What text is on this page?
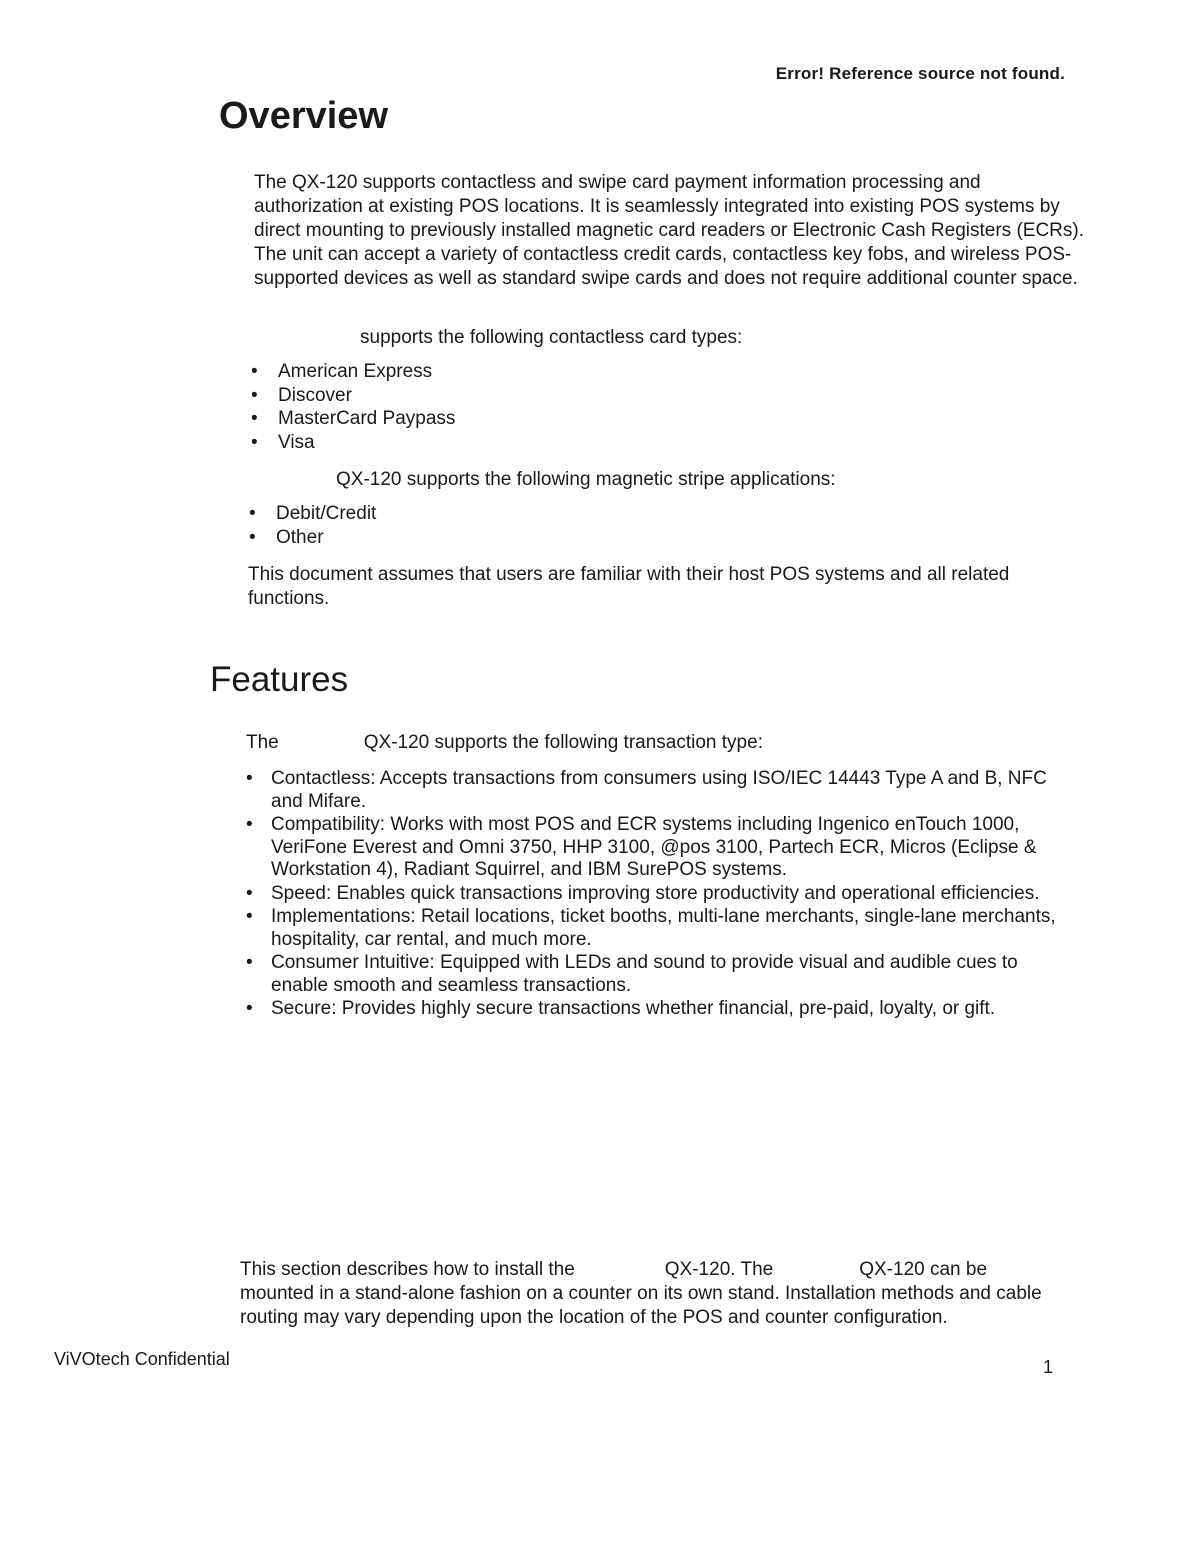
Error! Reference source not found.
Overview

The QX-120 supports contactless and swipe card payment information processing and authorization at existing POS locations. It is seamlessly integrated into existing POS systems by direct mounting to previously installed magnetic card readers or Electronic Cash Registers (ECRs). The unit can accept a variety of contactless credit cards, contactless key fobs, and wireless POS-supported devices as well as standard swipe cards and does not require additional counter space.

supports the following contactless card types:

• American Express
• Discover
• MasterCard Paypass
• Visa

QX-120 supports the following magnetic stripe applications:

• Debit/Credit
• Other

This document assumes that users are familiar with their host POS systems and all related functions.

Features

The	QX-120 supports the following transaction type:

• Contactless: Accepts transactions from consumers using ISO/IEC 14443 Type A and B, NFC and Mifare.
• Compatibility: Works with most POS and ECR systems including Ingenico enTouch 1000, VeriFone Everest and Omni 3750, HHP 3100, @pos 3100, Partech ECR, Micros (Eclipse & Workstation 4), Radiant Squirrel, and IBM SurePOS systems.
• Speed: Enables quick transactions improving store productivity and operational efficiencies.
• Implementations: Retail locations, ticket booths, multi-lane merchants, single-lane merchants, hospitality, car rental, and much more.
• Consumer Intuitive: Equipped with LEDs and sound to provide visual and audible cues to enable smooth and seamless transactions.
• Secure: Provides highly secure transactions whether financial, pre-paid, loyalty, or gift.

This section describes how to install the	QX-120. The	QX-120 can be mounted in a stand-alone fashion on a counter on its own stand. Installation methods and cable routing may vary depending upon the location of the POS and counter configuration.

ViVOtech Confidential	1
